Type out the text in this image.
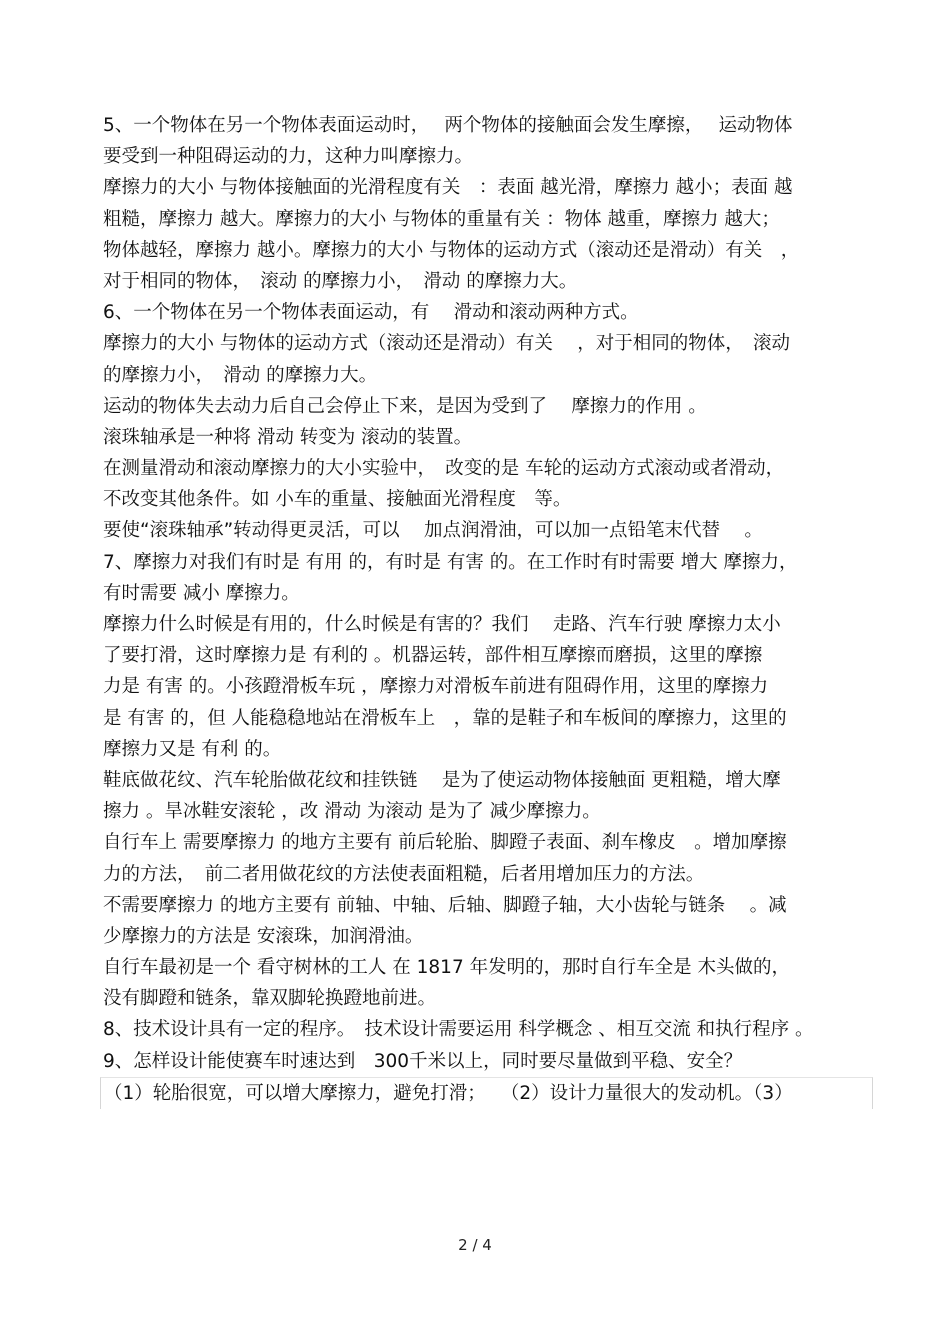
5、一个物体在另一个物体表面运动时，　 两个物体的接触面会发生摩擦，　 运动物体
要受到一种阻碍运动的力，这种力叫摩擦力。
摩擦力的大小 与物体接触面的光滑程度有关　：表面 越光滑，摩擦力 越小；表面 越
粗糙，摩擦力 越大。摩擦力的大小 与物体的重量有关 ：物体 越重，摩擦力 越大；
物体越轻，摩擦力 越小。摩擦力的大小 与物体的运动方式（滚动还是滑动）有关　，
对于相同的物体，　滚动 的摩擦力小，　滑动 的摩擦力大。
6、一个物体在另一个物体表面运动，有　 滑动和滚动两种方式。
摩擦力的大小 与物体的运动方式（滚动还是滑动）有关　 ，对于相同的物体，　滚动
的摩擦力小，　滑动 的摩擦力大。
运动的物体失去动力后自己会停止下来，是因为受到了　 摩擦力的作用 。
滚珠轴承是一种将 滑动 转变为 滚动的装置。
在测量滑动和滚动摩擦力的大小实验中，　改变的是 车轮的运动方式滚动或者滑动，
不改变其他条件。如 小车的重量、接触面光滑程度　等。
要使“滚珠轴承”转动得更灵活，可以　 加点润滑油，可以加一点铅笔末代替　 。
7、摩擦力对我们有时是 有用 的，有时是 有害 的。在工作时有时需要 增大 摩擦力，
有时需要 减小 摩擦力。
摩擦力什么时候是有用的，什么时候是有害的？我们　 走路、汽车行驶 摩擦力太小
了要打滑，这时摩擦力是 有利的 。机器运转，部件相互摩擦而磨损，这里的摩擦
力是 有害 的。小孩蹬滑板车玩 ，摩擦力对滑板车前进有阻碍作用，这里的摩擦力
是 有害 的，但 人能稳稳地站在滑板车上　，靠的是鞋子和车板间的摩擦力，这里的
摩擦力又是 有利 的。
鞋底做花纹、汽车轮胎做花纹和挂铁链　 是为了使运动物体接触面 更粗糙，增大摩
擦力 。旱冰鞋安滚轮 ，改 滑动 为滚动 是为了 减少摩擦力。
自行车上 需要摩擦力 的地方主要有 前后轮胎、脚蹬子表面、刹车橡皮　。增加摩擦
力的方法，　前二者用做花纹的方法使表面粗糙，后者用增加压力的方法。
不需要摩擦力 的地方主要有 前轴、中轴、后轴、脚蹬子轴，大小齿轮与链条　 。减
少摩擦力的方法是 安滚珠，加润滑油。
自行车最初是一个 看守树林的工人 在 1817 年发明的，那时自行车全是 木头做的，
没有脚蹬和链条，靠双脚轮换蹬地前进。
8、技术设计具有一定的程序。　技术设计需要运用 科学概念 、相互交流 和执行程序 。
9、怎样设计能使赛车时速达到　300千米以上，同时要尽量做到平稳、安全？
（1）轮胎很宽，可以增大摩擦力，避免打滑；　 （2）设计力量很大的发动机。（3）
2 / 4
